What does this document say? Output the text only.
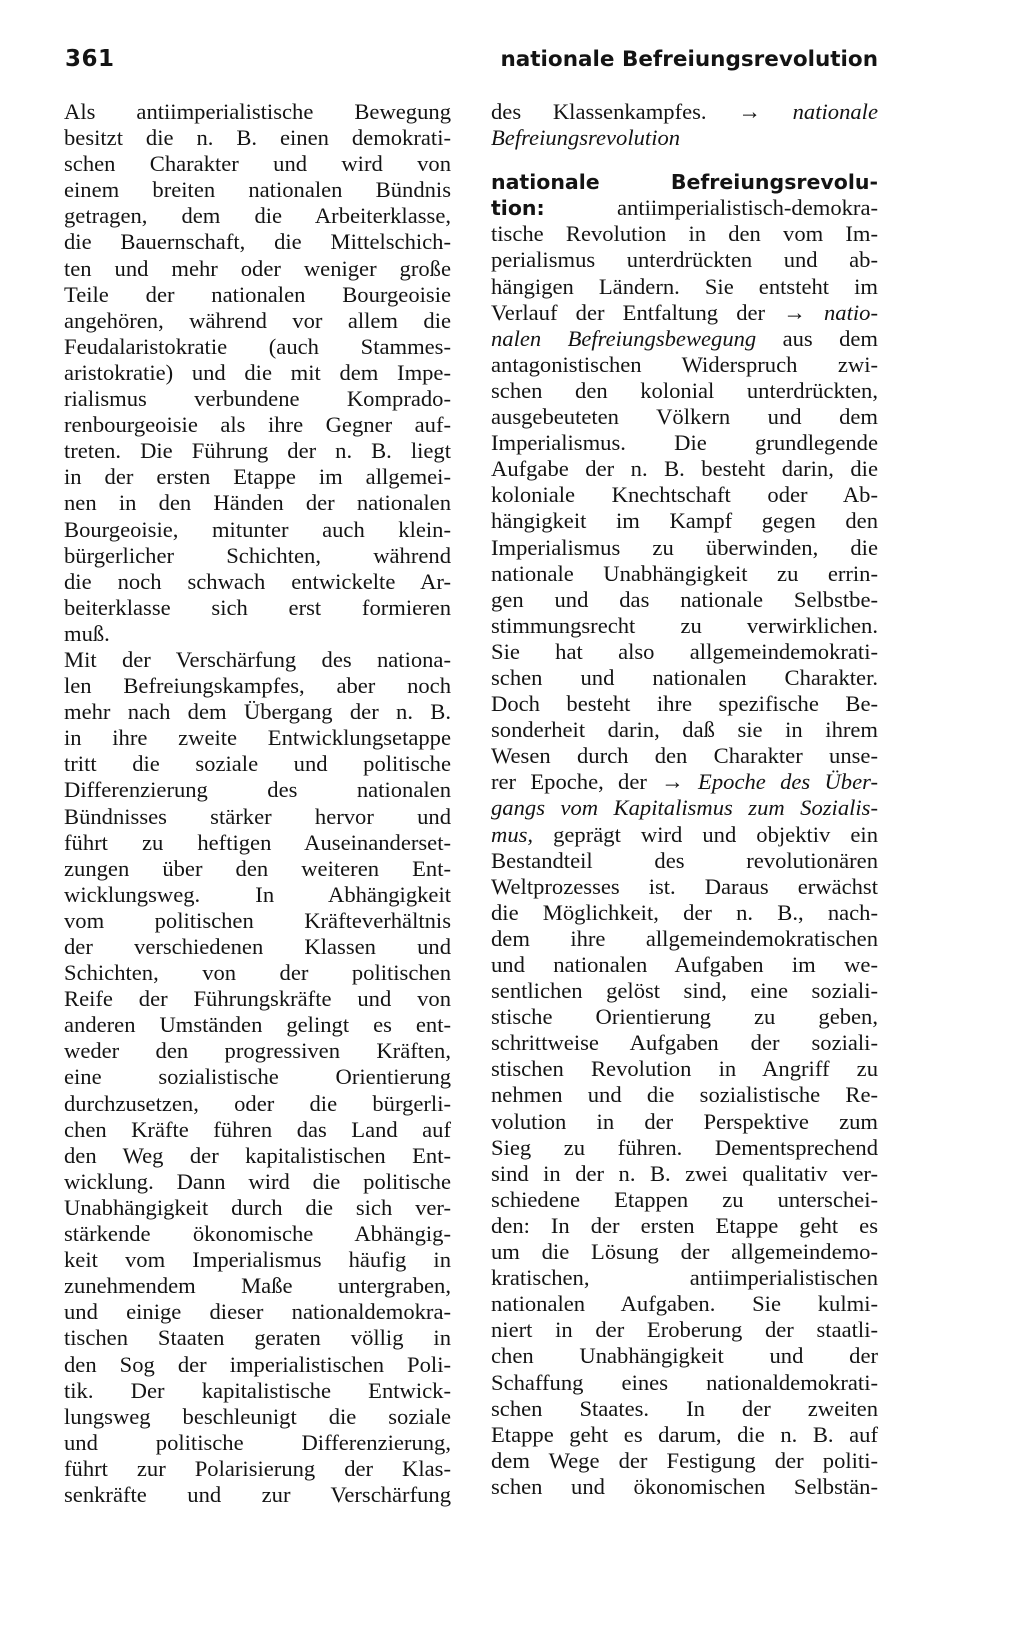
361	nationale Befreiungsrevolution
Als antiimperialistische Bewegung
besitzt die n. B. einen demokrati-
schen Charakter und wird von
einem breiten nationalen Bündnis
getragen, dem die Arbeiterklasse,
die Bauernschaft, die Mittelschich-
ten und mehr oder weniger große
Teile der nationalen Bourgeoisie
angehören, während vor allem die
Feudalaristokratie (auch Stammes-
aristokratie) und die mit dem Impe-
rialismus verbundene Komprado-
renbourgeoisie als ihre Gegner auf-
treten. Die Führung der n. B. liegt
in der ersten Etappe im allgemei-
nen in den Händen der nationalen
Bourgeoisie, mitunter auch klein-
bürgerlicher Schichten, während
die noch schwach entwickelte Ar-
beiterklasse sich erst formieren
muß.
Mit der Verschärfung des nationa-
len Befreiungskampfes, aber noch
mehr nach dem Übergang der n. B.
in ihre zweite Entwicklungsetappe
tritt die soziale und politische
Differenzierung des nationalen
Bündnisses stärker hervor und
führt zu heftigen Auseinanderset-
zungen über den weiteren Ent-
wicklungsweg. In Abhängigkeit
vom politischen Kräfteverhältnis
der verschiedenen Klassen und
Schichten, von der politischen
Reife der Führungskräfte und von
anderen Umständen gelingt es ent-
weder den progressiven Kräften,
eine sozialistische Orientierung
durchzusetzen, oder die bürgerli-
chen Kräfte führen das Land auf
den Weg der kapitalistischen Ent-
wicklung. Dann wird die politische
Unabhängigkeit durch die sich ver-
stärkende ökonomische Abhängig-
keit vom Imperialismus häufig in
zunehmendem Maße untergraben,
und einige dieser nationaldemokra-
tischen Staaten geraten völlig in
den Sog der imperialistischen Poli-
tik. Der kapitalistische Entwick-
lungsweg beschleunigt die soziale
und politische Differenzierung,
führt zur Polarisierung der Klas-
senkräfte und zur Verschärfung
des Klassenkampfes. → nationale
Befreiungsrevolution
nationale Befreiungsrevolu-
tion: antiimperialistisch-demokra-
tische Revolution in den vom Im-
perialismus unterdrückten und ab-
hängigen Ländern. Sie entsteht im
Verlauf der Entfaltung der → natio-
nalen Befreiungsbewegung aus dem
antagonistischen Widerspruch zwi-
schen den kolonial unterdrückten,
ausgebeuteten Völkern und dem
Imperialismus. Die grundlegende
Aufgabe der n. B. besteht darin, die
koloniale Knechtschaft oder Ab-
hängigkeit im Kampf gegen den
Imperialismus zu überwinden, die
nationale Unabhängigkeit zu errin-
gen und das nationale Selbstbe-
stimmungsrecht zu verwirklichen.
Sie hat also allgemeindemokrati-
schen und nationalen Charakter.
Doch besteht ihre spezifische Be-
sonderheit darin, daß sie in ihrem
Wesen durch den Charakter unse-
rer Epoche, der → Epoche des Über-
gangs vom Kapitalismus zum Sozialis-
mus, geprägt wird und objektiv ein
Bestandteil des revolutionären
Weltprozesses ist. Daraus erwächst
die Möglichkeit, der n. B., nach-
dem ihre allgemeindemokratischen
und nationalen Aufgaben im we-
sentlichen gelöst sind, eine soziali-
stische Orientierung zu geben,
schrittweise Aufgaben der soziali-
stischen Revolution in Angriff zu
nehmen und die sozialistische Re-
volution in der Perspektive zum
Sieg zu führen. Dementsprechend
sind in der n. B. zwei qualitativ ver-
schiedene Etappen zu unterschei-
den: In der ersten Etappe geht es
um die Lösung der allgemeindemo-
kratischen, antiimperialistischen
nationalen Aufgaben. Sie kulmi-
niert in der Eroberung der staatli-
chen Unabhängigkeit und der
Schaffung eines nationaldemokrati-
schen Staates. In der zweiten
Etappe geht es darum, die n. B. auf
dem Wege der Festigung der politi-
schen und ökonomischen Selbstän-
